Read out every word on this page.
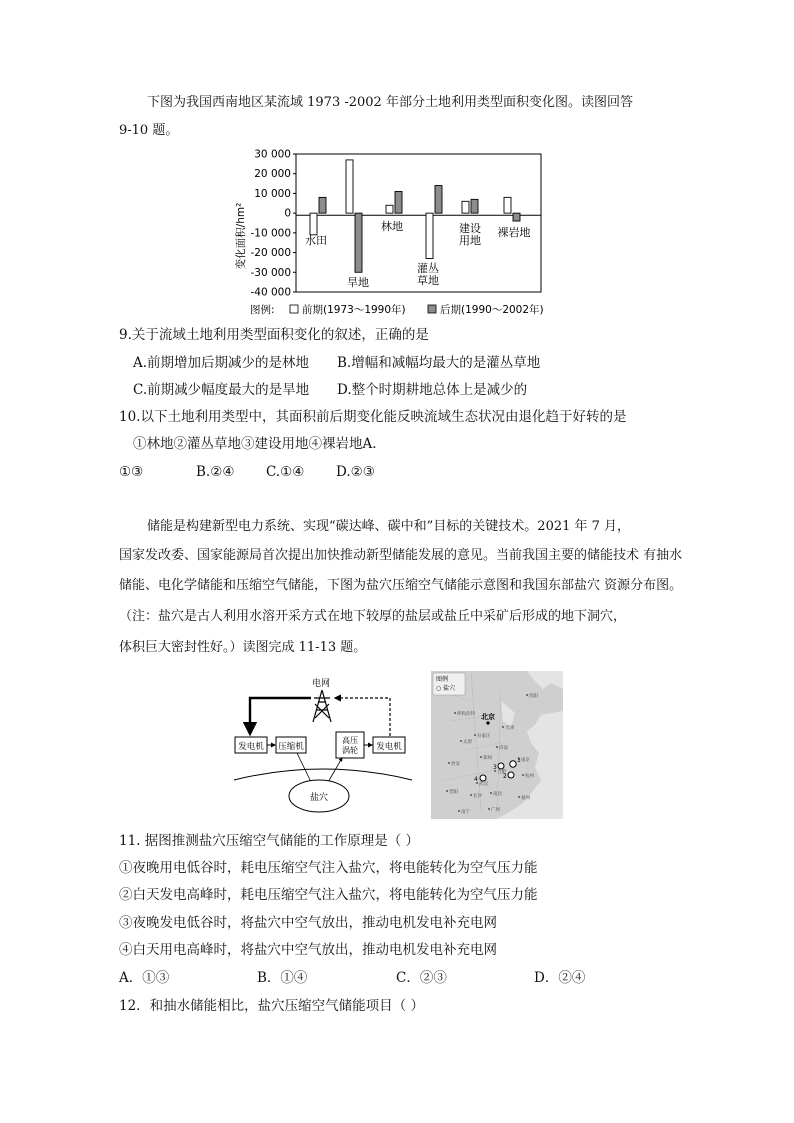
下图为我国西南地区某流域 1973 -2002 年部分土地利用类型面积变化图。读图回答
9-10 题。
30 000
20 000
10 000
0
-10 000
-20 000
-30 000
-40 000
水田
旱地
林地
灌丛
草地
建设
用地
裸岩地
变化面积/hm²
图例:	前期(1973～1990年)	后期(1990～2002年)
9.关于流域土地利用类型面积变化的叙述，正确的是
A.前期增加后期减少的是林地 B.增幅和减幅均最大的是灌丛草地
C.前期减少幅度最大的是旱地 D.整个时期耕地总体上是减少的
10.以下土地利用类型中，其面积前后期变化能反映流域生态状况由退化趋于好转的是
①林地②灌丛草地③建设用地④裸岩地A.
①③	B.②④ C.①④ D.②③
储能是构建新型电力系统、实现“碳达峰、碳中和”目标的关键技术。2021 年 7 月，
国家发改委、国家能源局首次提出加快推动新型储能发展的意见。当前我国主要的储能技术 有抽水
储能、电化学储能和压缩空气储能，下图为盐穴压缩空气储能示意图和我国东部盐穴 资源分布图。
（注：盐穴是古人利用水溶开采方式在地下较厚的盐层或盐丘中采矿后形成的地下洞穴，
体积巨大密封性好。）读图完成 11-13 题。
电网
发电机 压缩机
高压
涡轮 发电机
盐穴
图例
○ 盐穴
北京
呼和浩特
沈阳
天津
石家庄
太原
济南
郑州
西安
南京
合肥
武汉
长沙 南昌
杭州
福州
广州
南宁
贵阳
1
2
3
4
11. 据图推测盐穴压缩空气储能的工作原理是（ ）
①夜晚用电低谷时，耗电压缩空气注入盐穴，将电能转化为空气压力能
②白天发电高峰时，耗电压缩空气注入盐穴，将电能转化为空气压力能
③夜晚发电低谷时，将盐穴中空气放出，推动电机发电补充电网
④白天用电高峰时，将盐穴中空气放出，推动电机发电补充电网
A．①③	B．①④	C．②③	D．②④
12．和抽水储能相比，盐穴压缩空气储能项目（ ）
